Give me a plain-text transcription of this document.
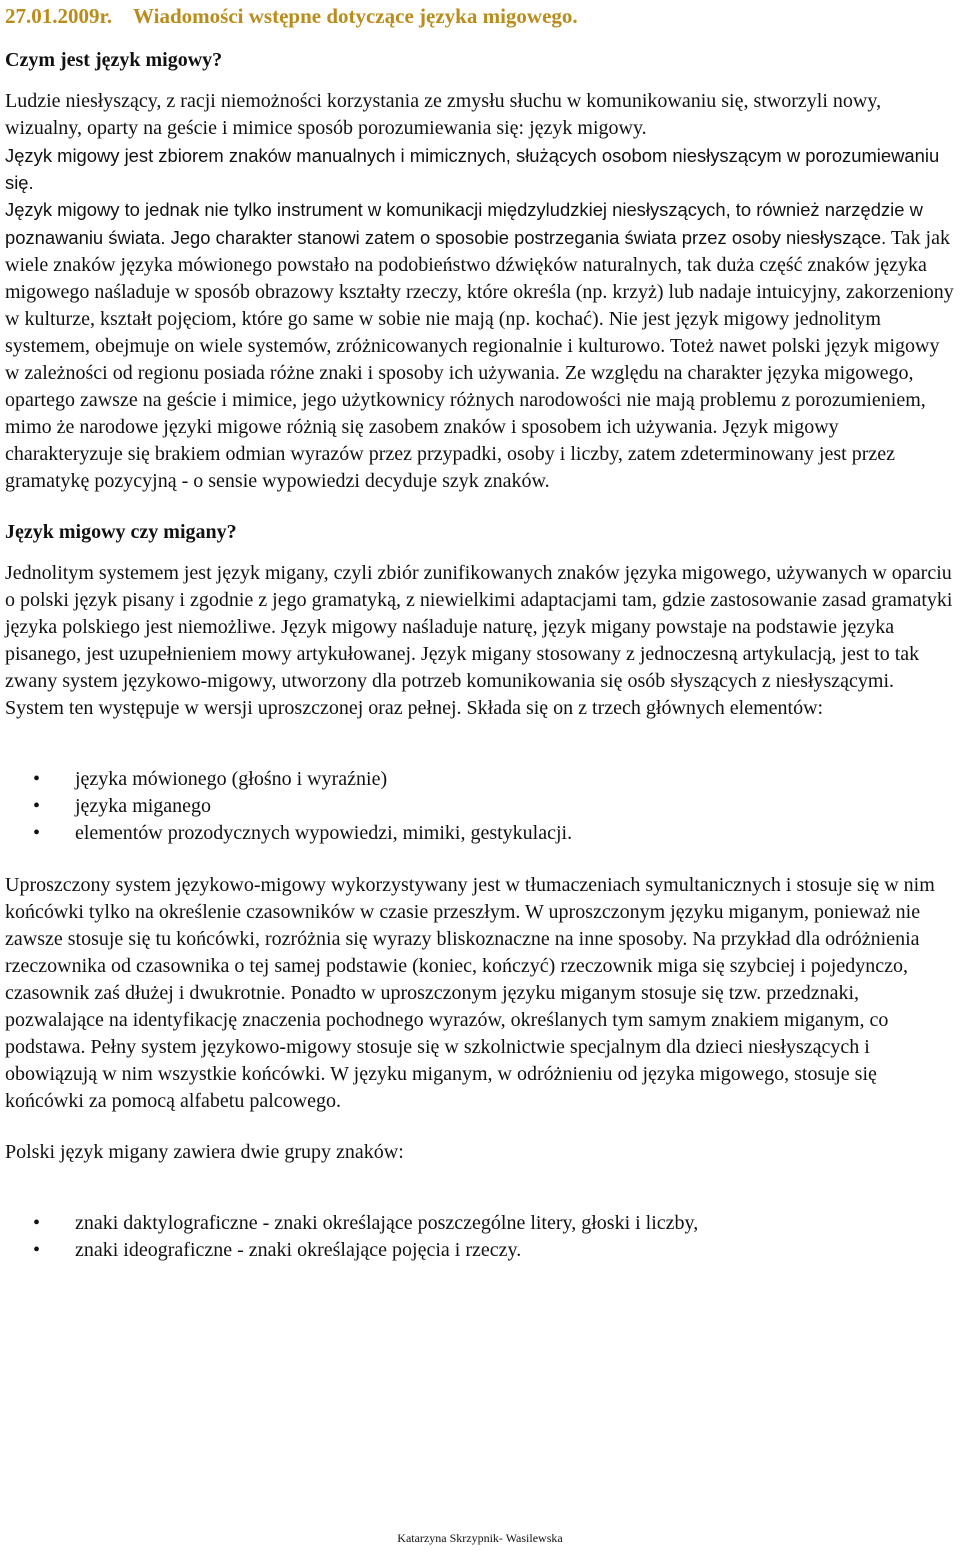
27.01.2009r. Wiadomości wstępne dotyczące języka migowego.

Czym jest język migowy?

Ludzie niesłyszący, z racji niemożności korzystania ze zmysłu słuchu w komunikowaniu się, stworzyli nowy, wizualny, oparty na geście i mimice sposób porozumiewania się: język migowy.

Język migowy jest zbiorem znaków manualnych i mimicznych, służących osobom niesłyszącym w porozumiewaniu się.

Język migowy to jednak nie tylko instrument w komunikacji międzyludzkiej niesłyszących, to również narzędzie w poznawaniu świata. Jego charakter stanowi zatem o sposobie postrzegania świata przez osoby niesłyszące. Tak jak wiele znaków języka mówionego powstało na podobieństwo dźwięków naturalnych, tak duża część znaków języka migowego naśladuje w sposób obrazowy kształty rzeczy, które określa (np. krzyż) lub nadaje intuicyjny, zakorzeniony w kulturze, kształt pojęciom, które go same w sobie nie mają (np. kochać). Nie jest język migowy jednolitym systemem, obejmuje on wiele systemów, zróżnicowanych regionalnie i kulturowo. Toteż nawet polski język migowy w zależności od regionu posiada różne znaki i sposoby ich używania. Ze względu na charakter języka migowego, opartego zawsze na geście i mimice, jego użytkownicy różnych narodowości nie mają problemu z porozumieniem, mimo że narodowe języki migowe różnią się zasobem znaków i sposobem ich używania. Język migowy charakteryzuje się brakiem odmian wyrazów przez przypadki, osoby i liczby, zatem zdeterminowany jest przez gramatykę pozycyjną - o sensie wypowiedzi decyduje szyk znaków.

Język migowy czy migany?

Jednolitym systemem jest język migany, czyli zbiór zunifikowanych znaków języka migowego, używanych w oparciu o polski język pisany i zgodnie z jego gramatyką, z niewielkimi adaptacjami tam, gdzie zastosowanie zasad gramatyki języka polskiego jest niemożliwe. Język migowy naśladuje naturę, język migany powstaje na podstawie języka pisanego, jest uzupełnieniem mowy artykułowanej. Język migany stosowany z jednoczesną artykulacją, jest to tak zwany system językowo-migowy, utworzony dla potrzeb komunikowania się osób słyszących z niesłyszącymi. System ten występuje w wersji uproszczonej oraz pełnej. Składa się on z trzech głównych elementów:

• języka mówionego (głośno i wyraźnie)
• języka miganego
• elementów prozodycznych wypowiedzi, mimiki, gestykulacji.

Uproszczony system językowo-migowy wykorzystywany jest w tłumaczeniach symultanicznych i stosuje się w nim końcówki tylko na określenie czasowników w czasie przeszłym. W uproszczonym języku miganym, ponieważ nie zawsze stosuje się tu końcówki, rozróżnia się wyrazy bliskoznaczne na inne sposoby. Na przykład dla odróżnienia rzeczownika od czasownika o tej samej podstawie (koniec, kończyć) rzeczownik miga się szybciej i pojedynczo, czasownik zaś dłużej i dwukrotnie. Ponadto w uproszczonym języku miganym stosuje się tzw. przedznaki, pozwalające na identyfikację znaczenia pochodnego wyrazów, określanych tym samym znakiem miganym, co podstawa. Pełny system językowo-migowy stosuje się w szkolnictwie specjalnym dla dzieci niesłyszących i obowiązują w nim wszystkie końcówki. W języku miganym, w odróżnieniu od języka migowego, stosuje się końcówki za pomocą alfabetu palcowego.

Polski język migany zawiera dwie grupy znaków:

• znaki daktylograficzne - znaki określające poszczególne litery, głoski i liczby,
• znaki ideograficzne - znaki określające pojęcia i rzeczy.
Katarzyna Skrzypnik- Wasilewska
